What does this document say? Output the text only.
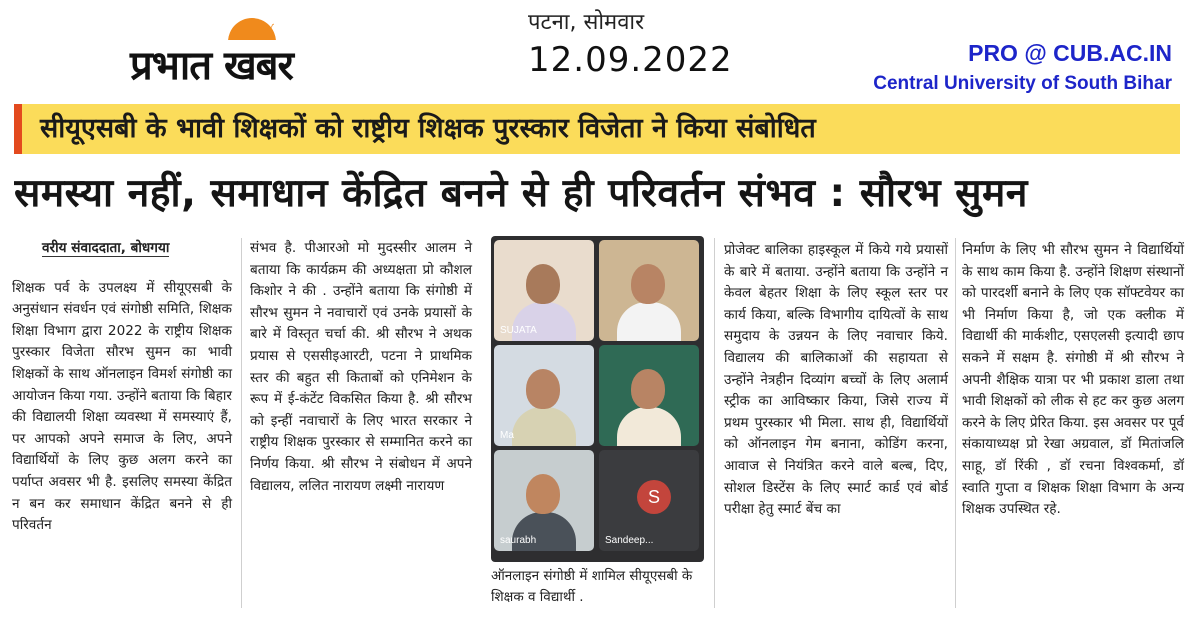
〰
प्रभात खबर
पटना, सोमवार
12.09.2022	PRO @ CUB.AC.IN
Central University of South Bihar
सीयूएसबी के भावी शिक्षकों को राष्ट्रीय शिक्षक पुरस्कार विजेता ने किया संबोधित
समस्या नहीं, समाधान केंद्रित बनने से ही परिवर्तन संभव : सौरभ सुमन

वरीय संवाददाता, बोधगया

शिक्षक पर्व के उपलक्ष्य में सीयूएसबी के अनुसंधान संवर्धन एवं संगोष्ठी समिति, शिक्षक शिक्षा विभाग द्वारा 2022 के राष्ट्रीय शिक्षक पुरस्कार विजेता सौरभ सुमन का भावी शिक्षकों के साथ ऑनलाइन विमर्श संगोष्ठी का आयोजन किया गया. उन्होंने बताया कि बिहार की विद्यालयी शिक्षा व्यवस्था में समस्याएं हैं, पर आपको अपने समाज के लिए, अपने विद्यार्थियों के लिए कुछ अलग करने का पर्याप्त अवसर भी है. इसलिए समस्या केंद्रित न बन कर समाधान केंद्रित बनने से ही परिवर्तन

संभव है. पीआरओ मो मुदस्सीर आलम ने बताया कि कार्यक्रम की अध्यक्षता प्रो कौशल किशोर ने की . उन्होंने बताया कि संगोष्ठी में सौरभ सुमन ने नवाचारों एवं उनके प्रयासों के बारे में विस्तृत चर्चा की. श्री सौरभ ने अथक प्रयास से एससीइआरटी, पटना ने प्राथमिक स्तर की बहुत सी किताबों को एनिमेशन के रूप में ई-कंटेंट विकसित किया है. श्री सौरभ को इन्हीं नवाचारों के लिए भारत सरकार ने राष्ट्रीय शिक्षक पुरस्कार से सम्मानित करने का निर्णय किया. श्री सौरभ ने संबोधन में अपने विद्यालय, ललित नारायण लक्ष्मी नारायण

SUJATA
Ma
saurabh
S
Sandeep...
ऑनलाइन संगोष्ठी में शामिल सीयूएसबी के शिक्षक व विद्यार्थी .

प्रोजेक्ट बालिका हाइस्कूल में किये गये प्रयासों के बारे में बताया. उन्होंने बताया कि उन्होंने न केवल बेहतर शिक्षा के लिए स्कूल स्तर पर कार्य किया, बल्कि विभागीय दायित्वों के साथ समुदाय के उन्नयन के लिए नवाचार किये. विद्यालय की बालिकाओं की सहायता से उन्होंने नेत्रहीन दिव्यांग बच्चों के लिए अलार्म स्ट्रीक का आविष्कार किया, जिसे राज्य में प्रथम पुरस्कार भी मिला. साथ ही, विद्यार्थियों को ऑनलाइन गेम बनाना, कोडिंग करना, आवाज से नियंत्रित करने वाले बल्ब, दिए, सोशल डिस्टेंस के लिए स्मार्ट कार्ड एवं बोर्ड परीक्षा हेतु स्मार्ट बेंच का

निर्माण के लिए भी सौरभ सुमन ने विद्यार्थियों के साथ काम किया है. उन्होंने शिक्षण संस्थानों को पारदर्शी बनाने के लिए एक सॉफ्टवेयर का भी निर्माण किया है, जो एक क्लीक में विद्यार्थी की मार्कशीट, एसएलसी इत्यादी छाप सकने में सक्षम है. संगोष्ठी में श्री सौरभ ने अपनी शैक्षिक यात्रा पर भी प्रकाश डाला तथा भावी शिक्षकों को लीक से हट कर कुछ अलग करने के लिए प्रेरित किया. इस अवसर पर पूर्व संकायाध्यक्ष प्रो रेखा अग्रवाल, डॉ मितांजलि साहू, डॉ रिंकी , डॉ रचना विश्वकर्मा, डॉ स्वाति गुप्ता व शिक्षक शिक्षा विभाग के अन्य शिक्षक उपस्थित रहे.
